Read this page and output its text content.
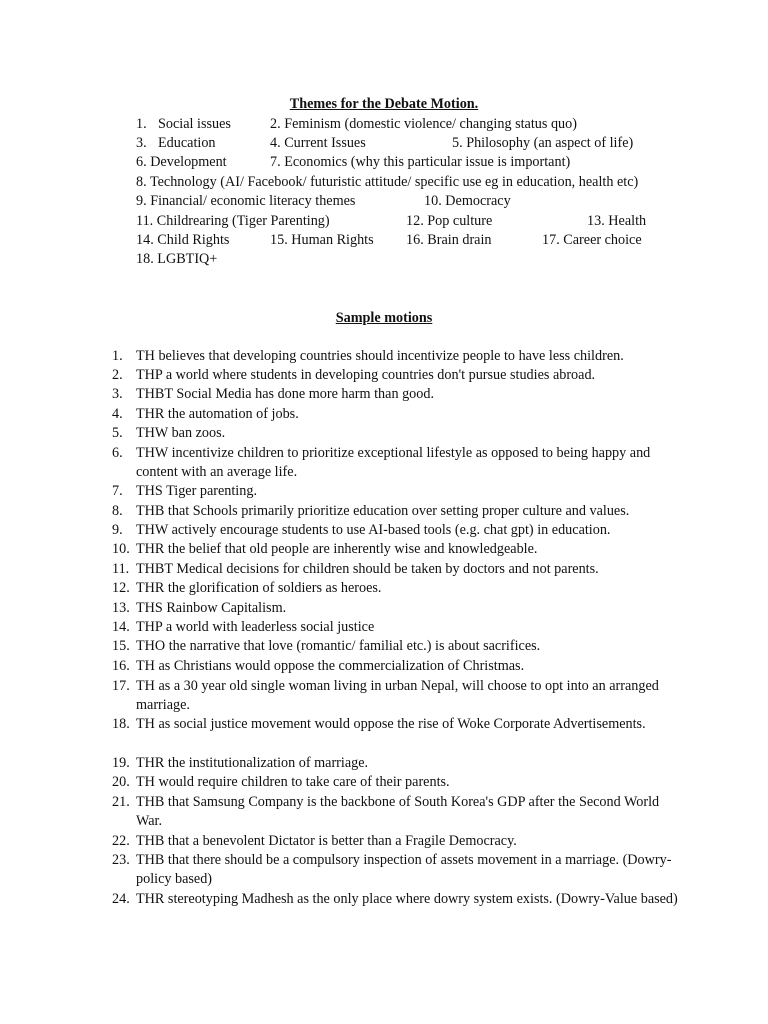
Themes for the Debate Motion.
1. Social issues	2. Feminism (domestic violence/ changing status quo)
3. Education	4. Current Issues	5. Philosophy (an aspect of life)
6. Development	7. Economics (why this particular issue is important)
8. Technology (AI/ Facebook/ futuristic attitude/ specific use eg in education, health etc)
9. Financial/ economic literacy themes	10. Democracy
11. Childrearing (Tiger Parenting)	12. Pop culture	13. Health
14. Child Rights	15. Human Rights 16. Brain drain	17. Career choice
18. LGBTIQ+
Sample motions
1. TH believes that developing countries should incentivize people to have less children.
2. THP a world where students in developing countries don't pursue studies abroad.
3. THBT Social Media has done more harm than good.
4. THR the automation of jobs.
5. THW ban zoos.
6. THW incentivize children to prioritize exceptional lifestyle as opposed to being happy and content with an average life.
7. THS Tiger parenting.
8. THB that Schools primarily prioritize education over setting proper culture and values.
9. THW actively encourage students to use AI-based tools (e.g. chat gpt) in education.
10. THR the belief that old people are inherently wise and knowledgeable.
11. THBT Medical decisions for children should be taken by doctors and not parents.
12. THR the glorification of soldiers as heroes.
13. THS Rainbow Capitalism.
14. THP a world with leaderless social justice
15. THO the narrative that love (romantic/ familial etc.) is about sacrifices.
16. TH as Christians would oppose the commercialization of Christmas.
17. TH as a 30 year old single woman living in urban Nepal, will choose to opt into an arranged marriage.
18. TH as social justice movement would oppose the rise of Woke Corporate Advertisements.
19. THR the institutionalization of marriage.
20. TH would require children to take care of their parents.
21. THB that Samsung Company is the backbone of South Korea's GDP after the Second World War.
22. THB that a benevolent Dictator is better than a Fragile Democracy.
23. THB that there should be a compulsory inspection of assets movement in a marriage. (Dowry-policy based)
24. THR stereotyping Madhesh as the only place where dowry system exists. (Dowry-Value based)
